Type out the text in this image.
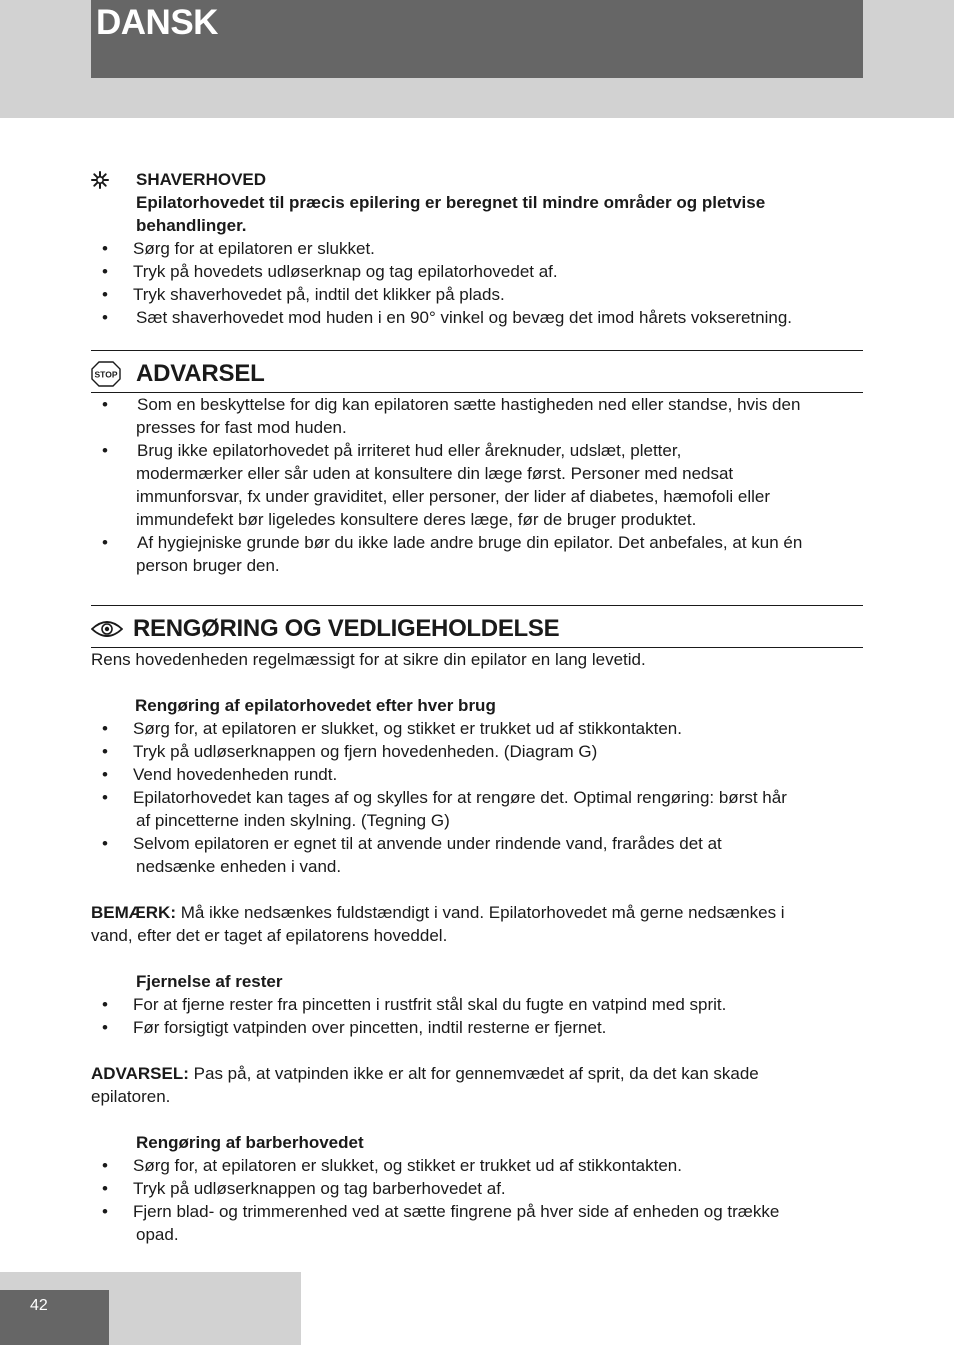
DANSK
SHAVERHOVED
Epilatorhovedet til præcis epilering er beregnet til mindre områder og pletvise
behandlinger.
• Sørg for at epilatoren er slukket.
• Tryk på hovedets udløserknap og tag epilatorhovedet af.
• Tryk shaverhovedet på, indtil det klikker på plads.
• Sæt shaverhovedet mod huden i en 90° vinkel og bevæg det imod hårets vokseretning.
STOP ADVARSEL
• Som en beskyttelse for dig kan epilatoren sætte hastigheden ned eller standse, hvis den
presses for fast mod huden.
• Brug ikke epilatorhovedet på irriteret hud eller åreknuder, udslæt, pletter,
modermærker eller sår uden at konsultere din læge først. Personer med nedsat
immunforsvar, fx under graviditet, eller personer, der lider af diabetes, hæmofoli eller
immundefekt bør ligeledes konsultere deres læge, før de bruger produktet.
• Af hygiejniske grunde bør du ikke lade andre bruge din epilator. Det anbefales, at kun én
person bruger den.
RENGØRING OG VEDLIGEHOLDELSE
Rens hovedenheden regelmæssigt for at sikre din epilator en lang levetid.
Rengøring af epilatorhovedet efter hver brug
• Sørg for, at epilatoren er slukket, og stikket er trukket ud af stikkontakten.
• Tryk på udløserknappen og fjern hovedenheden. (Diagram G)
• Vend hovedenheden rundt.
• Epilatorhovedet kan tages af og skylles for at rengøre det. Optimal rengøring: børst hår
af pincetterne inden skylning. (Tegning G)
• Selvom epilatoren er egnet til at anvende under rindende vand, frarådes det at
nedsænke enheden i vand.
BEMÆRK: Må ikke nedsænkes fuldstændigt i vand. Epilatorhovedet må gerne nedsænkes i
vand, efter det er taget af epilatorens hoveddel.
Fjernelse af rester
• For at fjerne rester fra pincetten i rustfrit stål skal du fugte en vatpind med sprit.
• Før forsigtigt vatpinden over pincetten, indtil resterne er fjernet.
ADVARSEL: Pas på, at vatpinden ikke er alt for gennemvædet af sprit, da det kan skade
epilatoren.
Rengøring af barberhovedet
• Sørg for, at epilatoren er slukket, og stikket er trukket ud af stikkontakten.
• Tryk på udløserknappen og tag barberhovedet af.
• Fjern blad- og trimmerenhed ved at sætte fingrene på hver side af enheden og trække
opad.
42
